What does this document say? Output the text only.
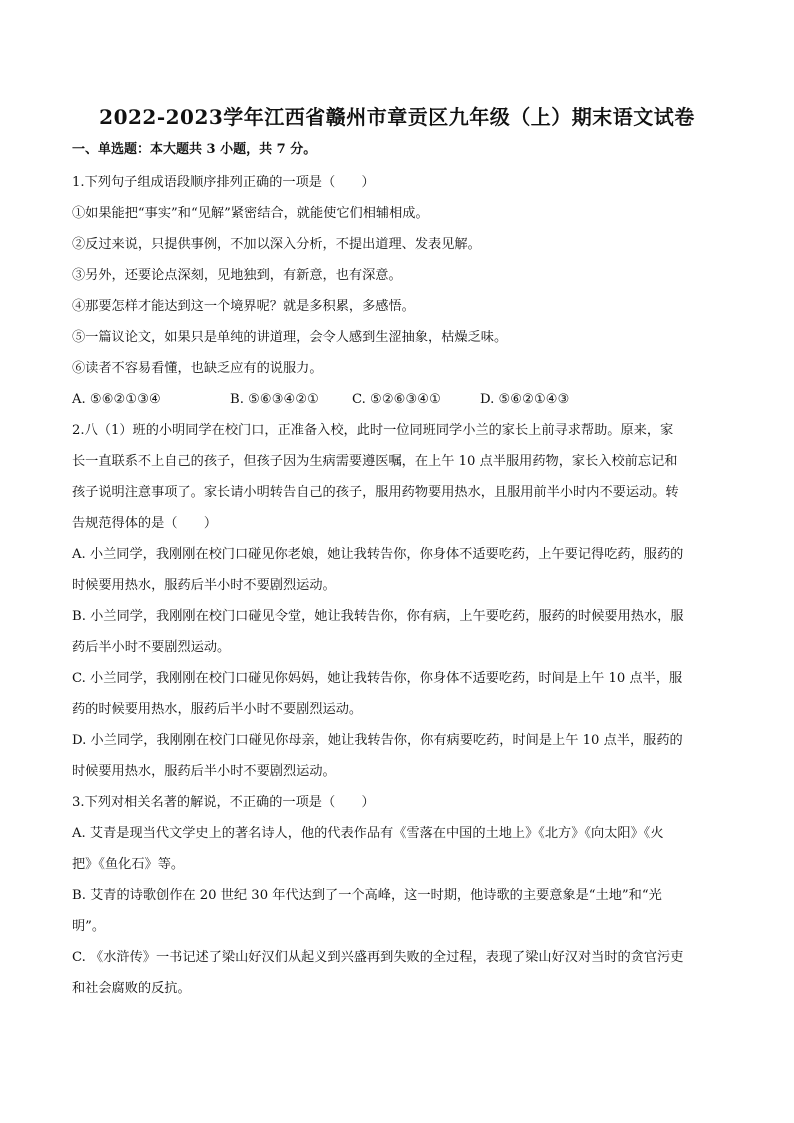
2022-2023学年江西省赣州市章贡区九年级（上）期末语文试卷
一、单选题：本大题共 3 小题，共 7 分。
1.下列句子组成语段顺序排列正确的一项是（　　）
①如果能把“事实”和“见解”紧密结合，就能使它们相辅相成。
②反过来说，只提供事例，不加以深入分析，不提出道理、发表见解。
③另外，还要论点深刻，见地独到，有新意，也有深意。
④那要怎样才能达到这一个境界呢？就是多积累，多感悟。
⑤一篇议论文，如果只是单纯的讲道理，会令人感到生涩抽象，枯燥乏味。
⑥读者不容易看懂，也缺乏应有的说服力。
A. ⑤⑥②①③④	B. ⑤⑥③④②①	C. ⑤②⑥③④①	D. ⑤⑥②①④③
2.八（1）班的小明同学在校门口，正准备入校，此时一位同班同学小兰的家长上前寻求帮助。原来，家
长一直联系不上自己的孩子，但孩子因为生病需要遵医嘱，在上午 10 点半服用药物，家长入校前忘记和
孩子说明注意事项了。家长请小明转告自己的孩子，服用药物要用热水，且服用前半小时内不要运动。转
告规范得体的是（　　）
A. 小兰同学，我刚刚在校门口碰见你老娘，她让我转告你，你身体不适要吃药，上午要记得吃药，服药的
时候要用热水，服药后半小时不要剧烈运动。
B. 小兰同学，我刚刚在校门口碰见令堂，她让我转告你，你有病，上午要吃药，服药的时候要用热水，服
药后半小时不要剧烈运动。
C. 小兰同学，我刚刚在校门口碰见你妈妈，她让我转告你，你身体不适要吃药，时间是上午 10 点半，服
药的时候要用热水，服药后半小时不要剧烈运动。
D. 小兰同学，我刚刚在校门口碰见你母亲，她让我转告你，你有病要吃药，时间是上午 10 点半，服药的
时候要用热水，服药后半小时不要剧烈运动。
3.下列对相关名著的解说，不正确的一项是（　　）
A. 艾青是现当代文学史上的著名诗人，他的代表作品有《雪落在中国的土地上》《北方》《向太阳》《火
把》《鱼化石》等。
B. 艾青的诗歌创作在 20 世纪 30 年代达到了一个高峰，这一时期，他诗歌的主要意象是“土地”和“光
明”。
C. 《水浒传》一书记述了梁山好汉们从起义到兴盛再到失败的全过程，表现了梁山好汉对当时的贪官污吏
和社会腐败的反抗。
